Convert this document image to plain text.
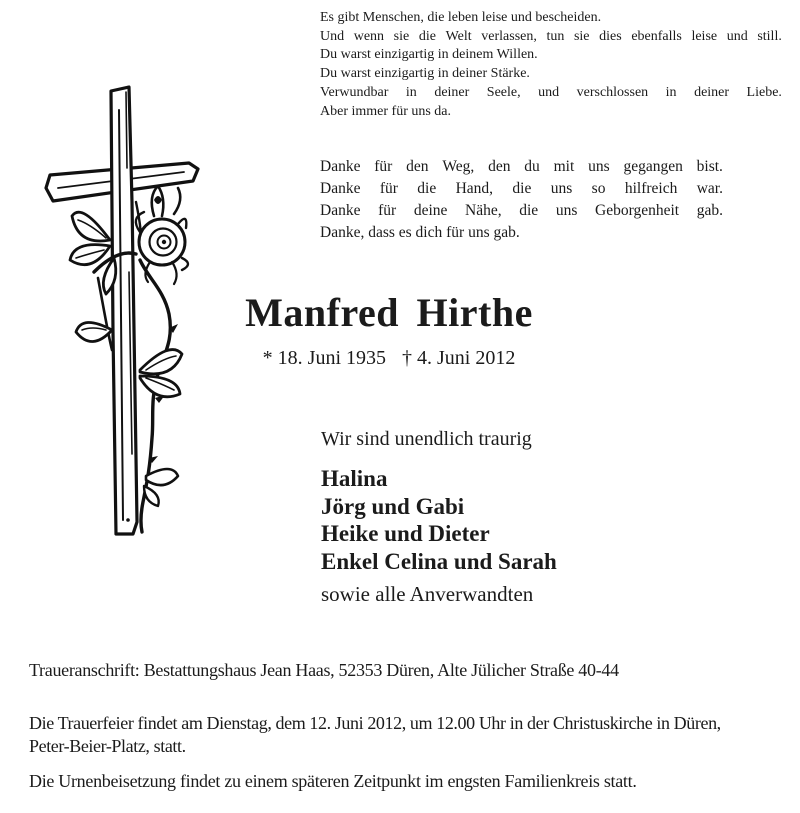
Es gibt Menschen, die leben leise und bescheiden.
Und wenn sie die Welt verlassen, tun sie dies ebenfalls leise und still.
Du warst einzigartig in deinem Willen.
Du warst einzigartig in deiner Stärke.
Verwundbar in deiner Seele, und verschlossen in deiner Liebe.
Aber immer für uns da.
Danke für den Weg, den du mit uns gegangen bist.
Danke für die Hand, die uns so hilfreich war.
Danke für deine Nähe, die uns Geborgenheit gab.
Danke, dass es dich für uns gab.
Manfred Hirthe
* 18. Juni 1935 † 4. Juni 2012
Wir sind unendlich traurig
Halina
Jörg und Gabi
Heike und Dieter
Enkel Celina und Sarah
sowie alle Anverwandten
Traueranschrift: Bestattungshaus Jean Haas, 52353 Düren, Alte Jülicher Straße 40-44
Die Trauerfeier findet am Dienstag, dem 12. Juni 2012, um 12.00 Uhr in der Christuskirche in Düren,
Peter-Beier-Platz, statt.
Die Urnenbeisetzung findet zu einem späteren Zeitpunkt im engsten Familienkreis statt.
